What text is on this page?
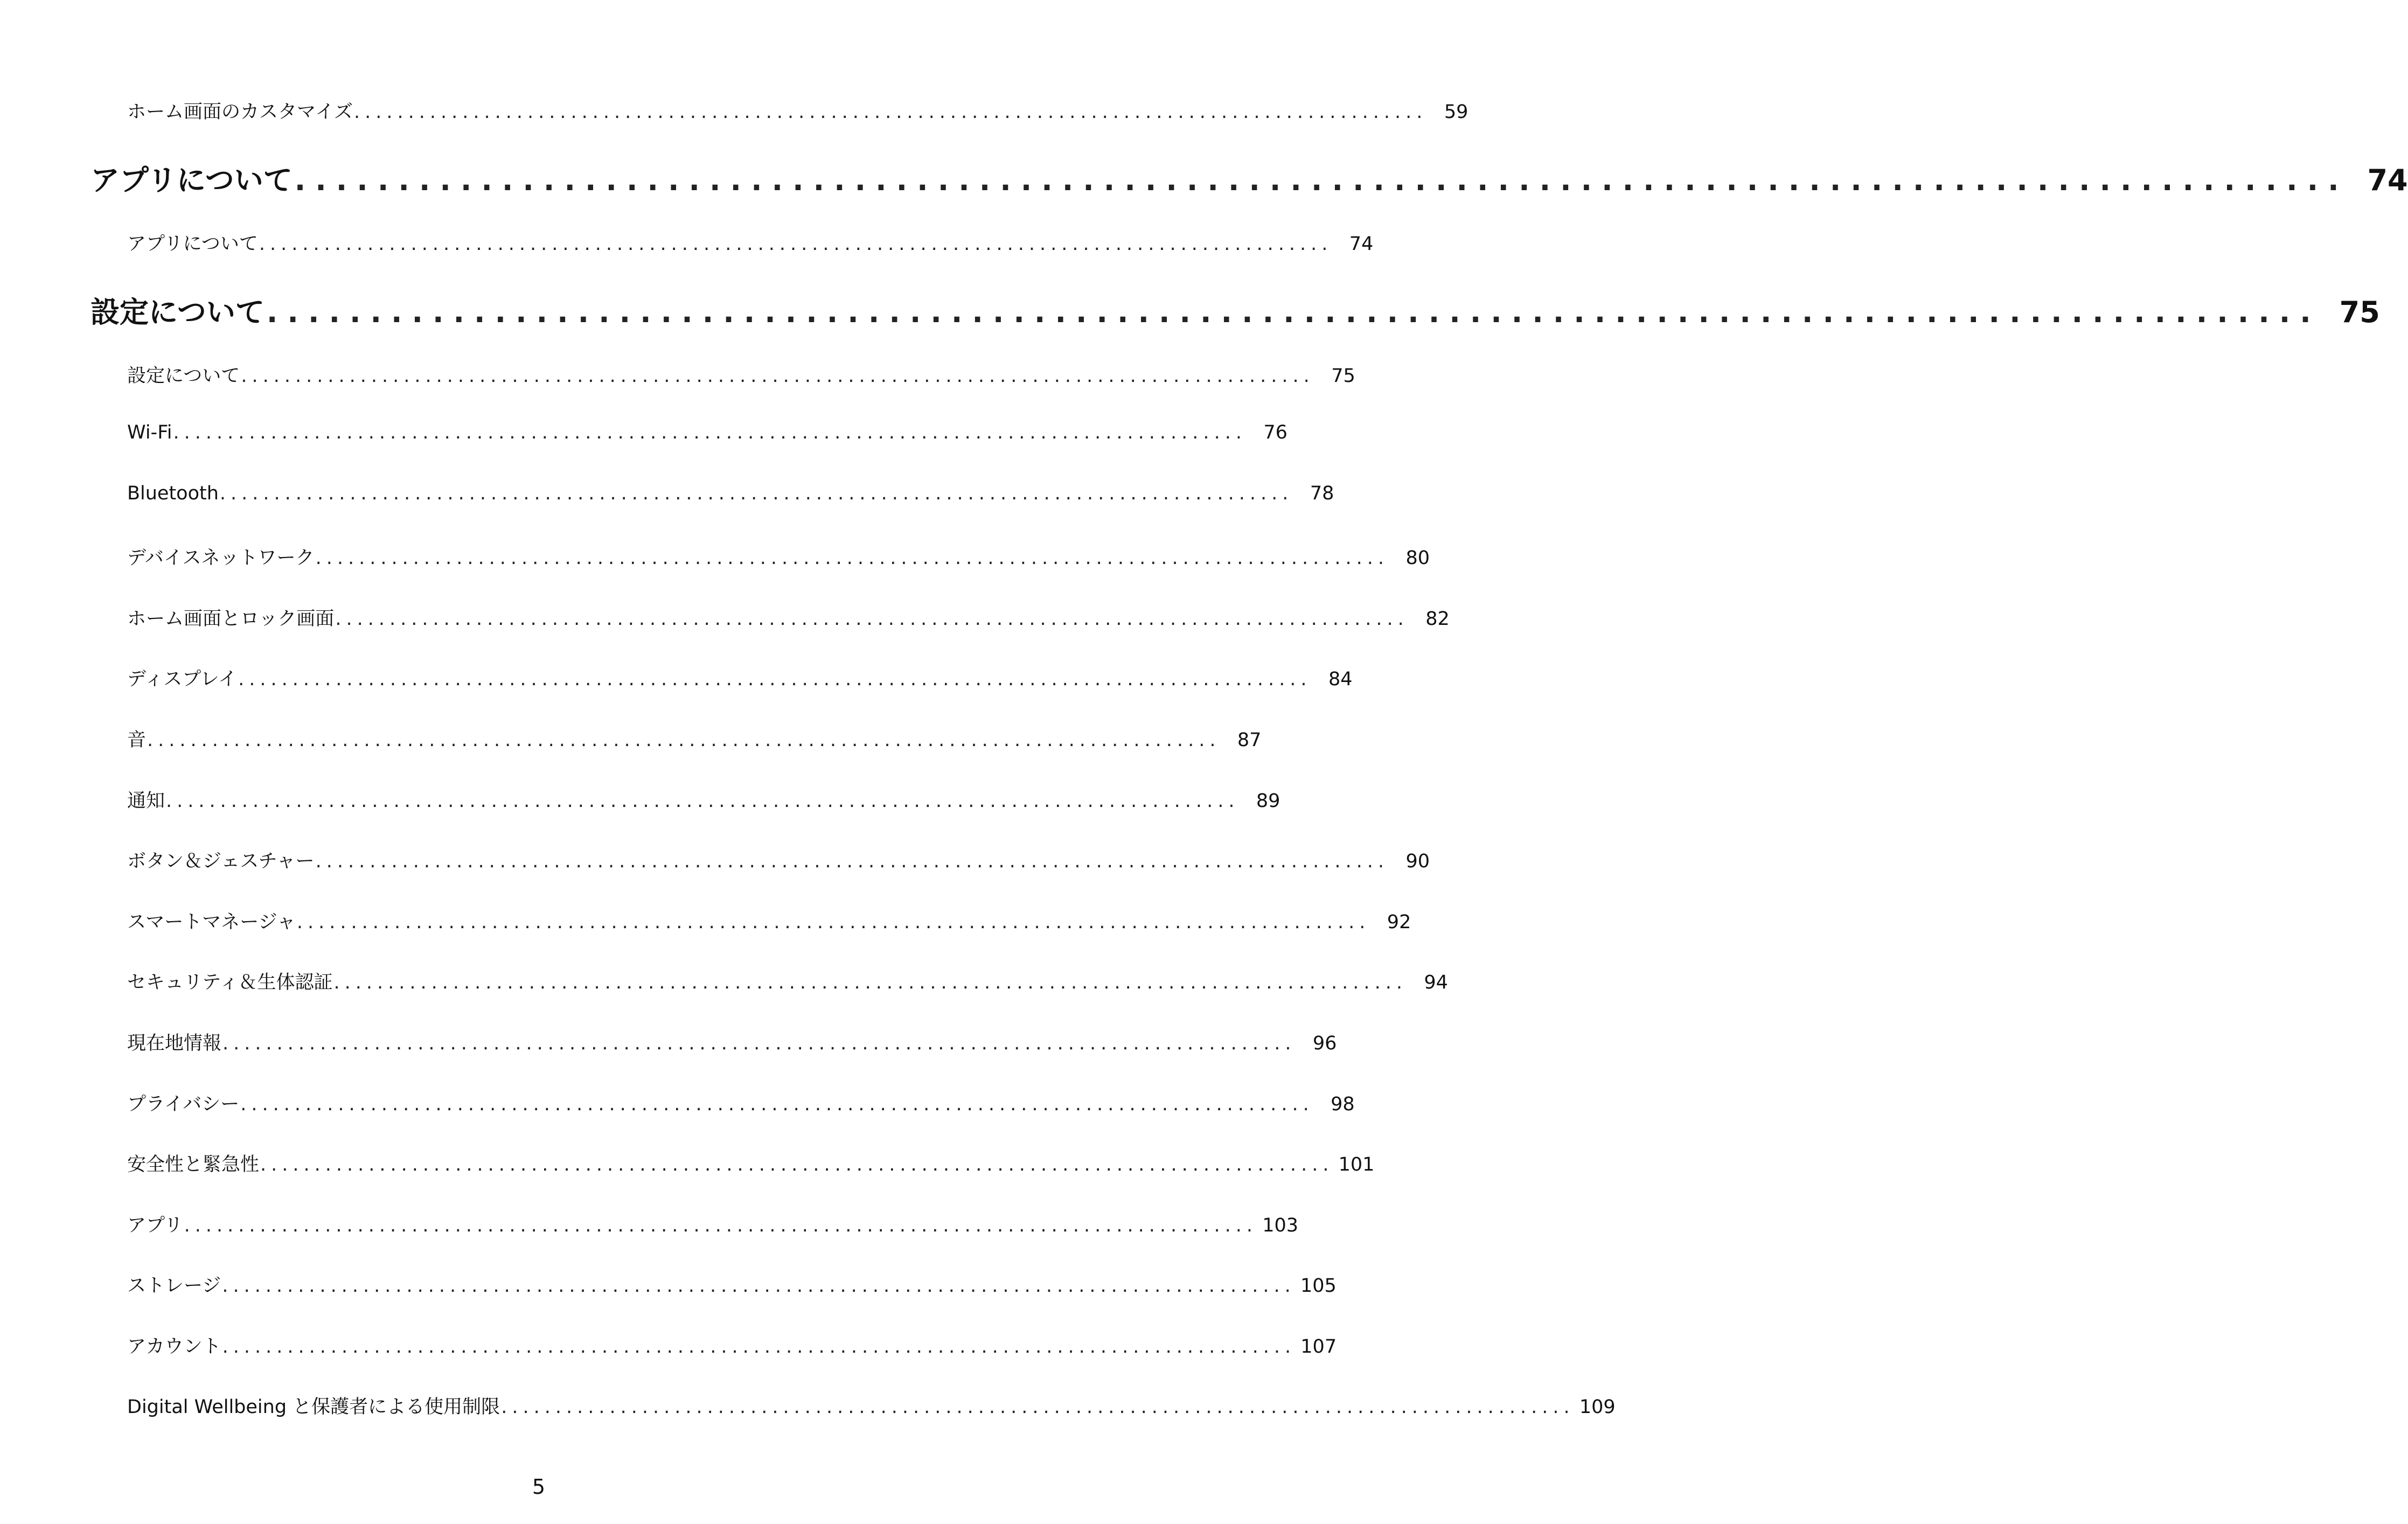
ホーム画面のカスタマイズ ................................................................................................... 59
アプリについて ................................................................................................... 74
アプリについて ................................................................................................... 74
設定について ................................................................................................... 75
設定について ................................................................................................... 75
Wi-Fi ................................................................................................... 76
Bluetooth ................................................................................................... 78
デバイスネットワーク ................................................................................................... 80
ホーム画面とロック画面 ................................................................................................... 82
ディスプレイ ................................................................................................... 84
音 ................................................................................................... 87
通知 ................................................................................................... 89
ボタン＆ジェスチャー ................................................................................................... 90
スマートマネージャ ................................................................................................... 92
セキュリティ＆生体認証 ................................................................................................... 94
現在地情報 ................................................................................................... 96
プライバシー ................................................................................................... 98
安全性と緊急性 ................................................................................................... 101
アプリ ................................................................................................... 103
ストレージ ................................................................................................... 105
アカウント ................................................................................................... 107
Digital Wellbeing と保護者による使用制限 ................................................................................................... 109
5
